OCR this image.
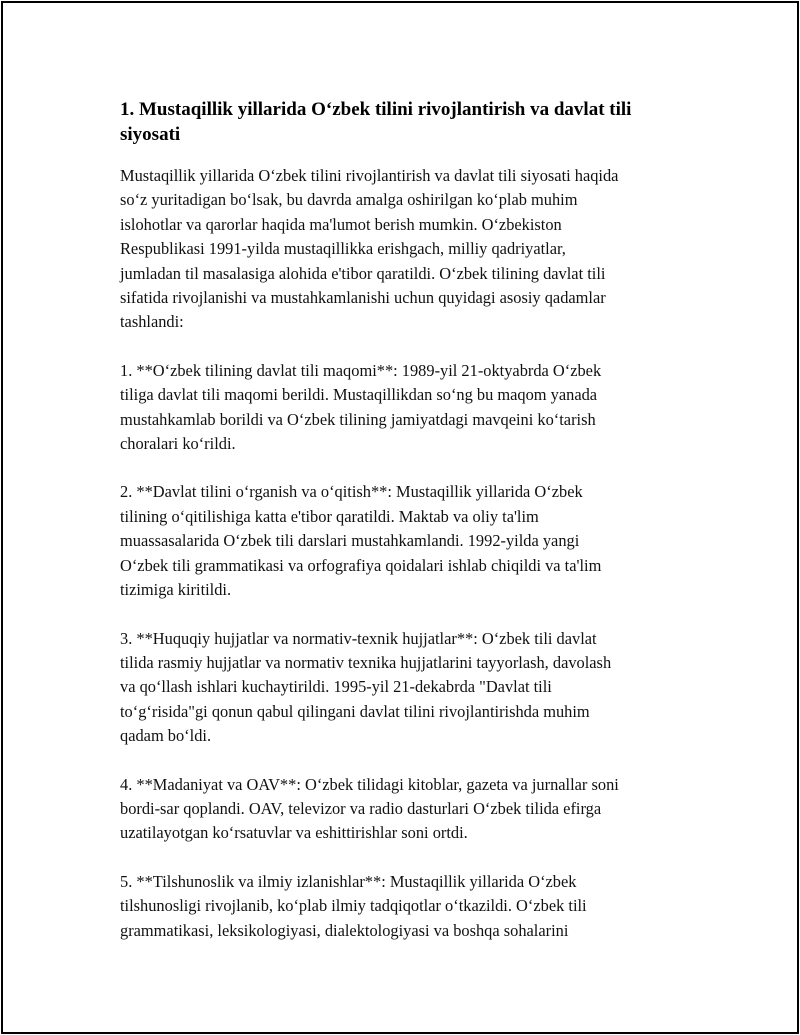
1. Mustaqillik yillarida O‘zbek tilini rivojlantirish va davlat tili
siyosati

Mustaqillik yillarida O‘zbek tilini rivojlantirish va davlat tili siyosati haqida
so‘z yuritadigan bo‘lsak, bu davrda amalga oshirilgan ko‘plab muhim
islohotlar va qarorlar haqida ma'lumot berish mumkin. O‘zbekiston
Respublikasi 1991-yilda mustaqillikka erishgach, milliy qadriyatlar,
jumladan til masalasiga alohida e'tibor qaratildi. O‘zbek tilining davlat tili
sifatida rivojlanishi va mustahkamlanishi uchun quyidagi asosiy qadamlar
tashlandi:

1. **O‘zbek tilining davlat tili maqomi**: 1989-yil 21-oktyabrda O‘zbek
tiliga davlat tili maqomi berildi. Mustaqillikdan so‘ng bu maqom yanada
mustahkamlab borildi va O‘zbek tilining jamiyatdagi mavqeini ko‘tarish
choralari ko‘rildi.

2. **Davlat tilini o‘rganish va o‘qitish**: Mustaqillik yillarida O‘zbek
tilining o‘qitilishiga katta e'tibor qaratildi. Maktab va oliy ta'lim
muassasalarida O‘zbek tili darslari mustahkamlandi. 1992-yilda yangi
O‘zbek tili grammatikasi va orfografiya qoidalari ishlab chiqildi va ta'lim
tizimiga kiritildi.

3. **Huquqiy hujjatlar va normativ-texnik hujjatlar**: O‘zbek tili davlat
tilida rasmiy hujjatlar va normativ texnika hujjatlarini tayyorlash, davolash
va qo‘llash ishlari kuchaytirildi. 1995-yil 21-dekabrda "Davlat tili
to‘g‘risida"gi qonun qabul qilingani davlat tilini rivojlantirishda muhim
qadam bo‘ldi.

4. **Madaniyat va OAV**: O‘zbek tilidagi kitoblar, gazeta va jurnallar soni
bordi-sar qoplandi. OAV, televizor va radio dasturlari O‘zbek tilida efirga
uzatilayotgan ko‘rsatuvlar va eshittirishlar soni ortdi.

5. **Tilshunoslik va ilmiy izlanishlar**: Mustaqillik yillarida O‘zbek
tilshunosligi rivojlanib, ko‘plab ilmiy tadqiqotlar o‘tkazildi. O‘zbek tili
grammatikasi, leksikologiyasi, dialektologiyasi va boshqa sohalarini
